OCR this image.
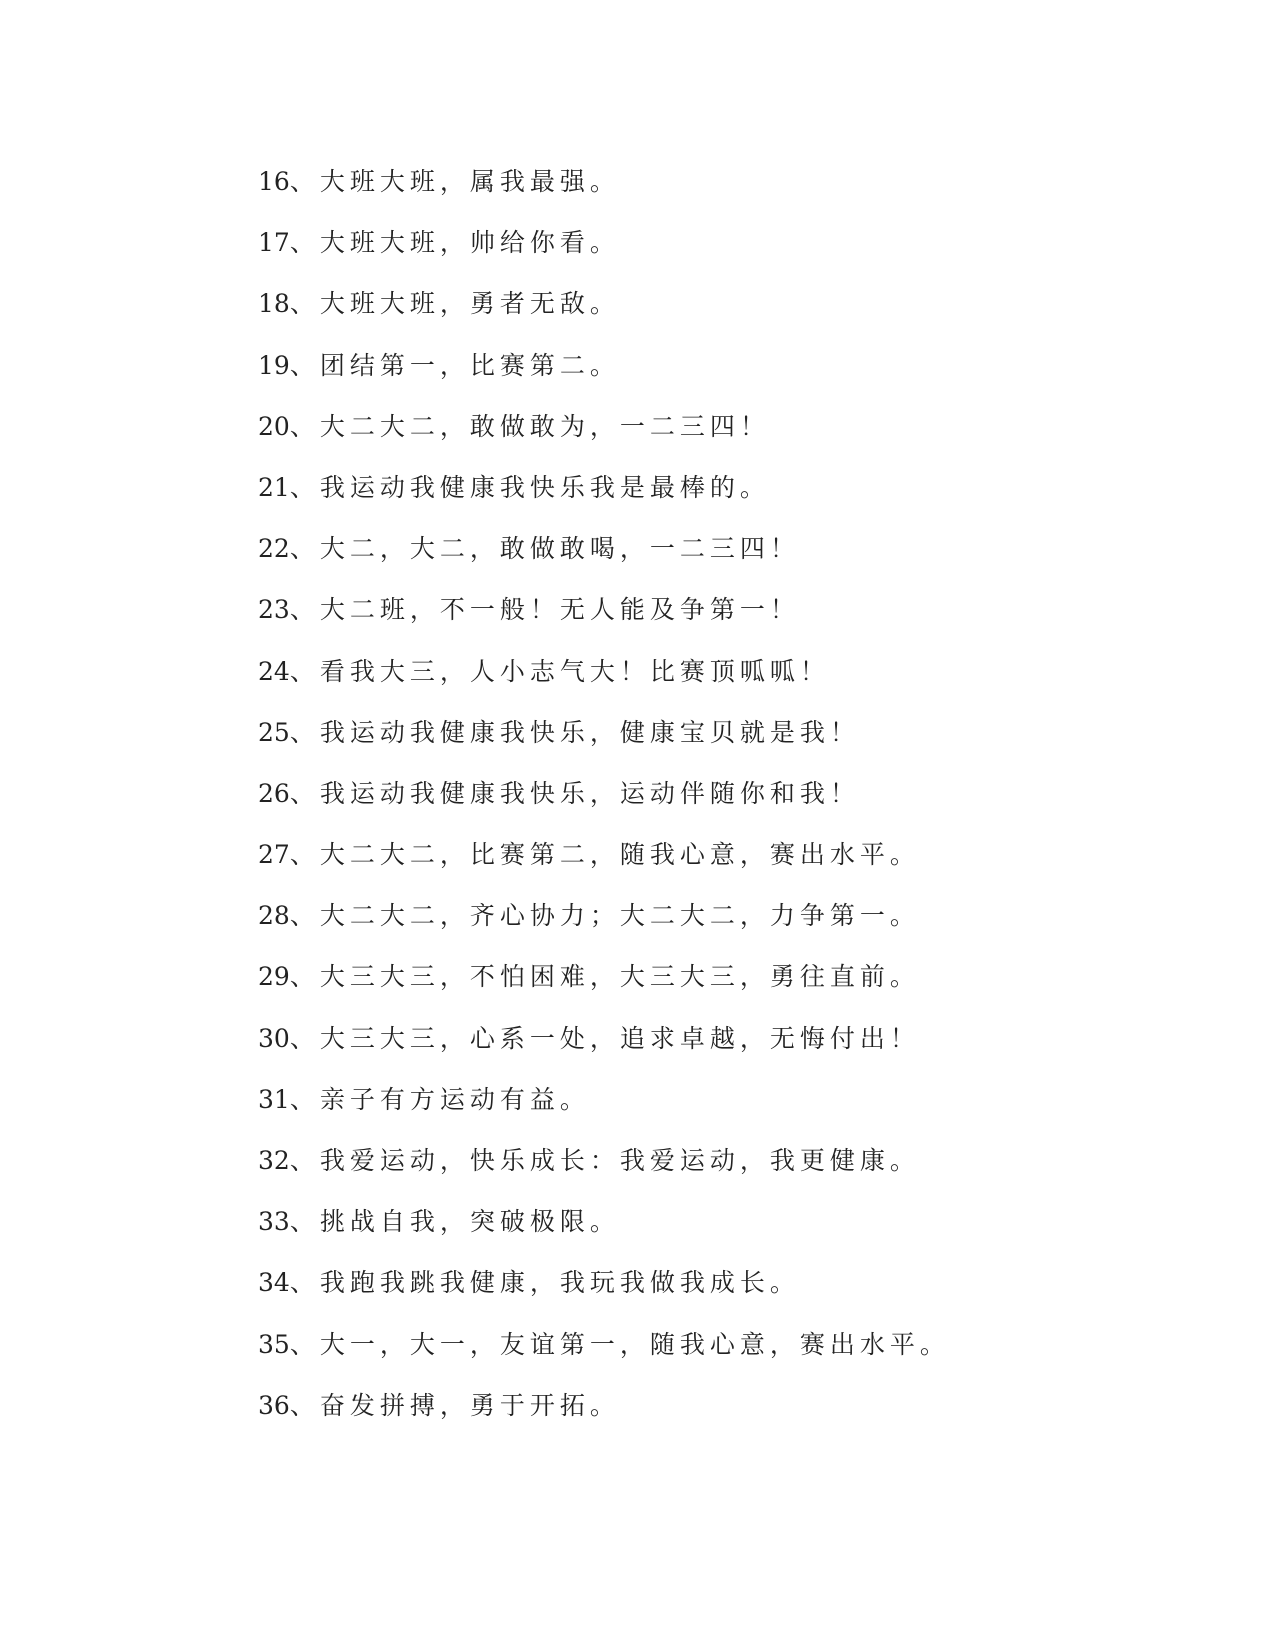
16、大班大班，属我最强。
17、大班大班，帅给你看。
18、大班大班，勇者无敌。
19、团结第一，比赛第二。
20、大二大二，敢做敢为，一二三四！
21、我运动我健康我快乐我是最棒的。
22、大二，大二，敢做敢喝，一二三四！
23、大二班，不一般！无人能及争第一！
24、看我大三，人小志气大！比赛顶呱呱！
25、我运动我健康我快乐，健康宝贝就是我！
26、我运动我健康我快乐，运动伴随你和我！
27、大二大二，比赛第二，随我心意，赛出水平。
28、大二大二，齐心协力；大二大二，力争第一。
29、大三大三，不怕困难，大三大三，勇往直前。
30、大三大三，心系一处，追求卓越，无悔付出！
31、亲子有方运动有益。
32、我爱运动，快乐成长：我爱运动，我更健康。
33、挑战自我，突破极限。
34、我跑我跳我健康，我玩我做我成长。
35、大一，大一，友谊第一，随我心意，赛出水平。
36、奋发拼搏，勇于开拓。
